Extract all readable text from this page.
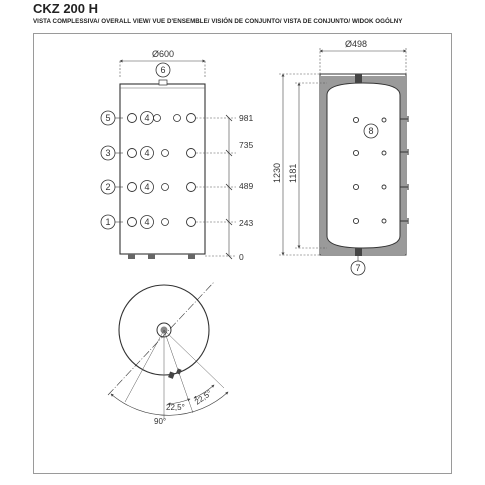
CKZ 200 H
VISTA COMPLESSIVA/ OVERALL VIEW/ VUE D'ENSEMBLE/ VISIÓN DE CONJUNTO/ VISTA DE CONJUNTO/ WIDOK OGÓLNY
Ø600
6
5
3
2
1
4
4
4
4
981
735
489
243
0
Ø498
8
7
1230 1181
22,5°
22,5°
90°
